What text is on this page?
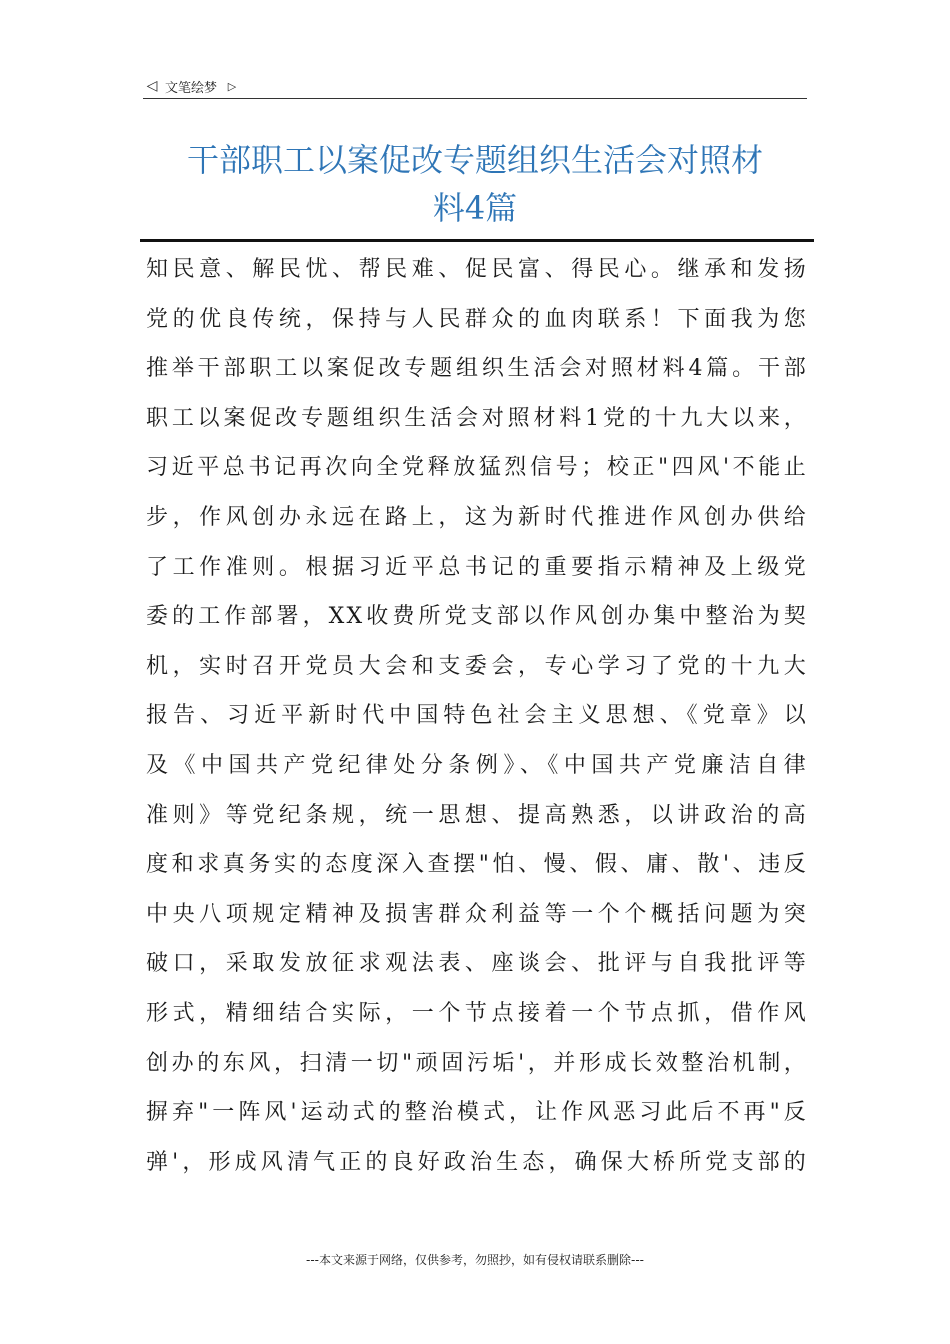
◁ 文笔绘梦 ▷
干部职工以案促改专题组织生活会对照材
料4篇
知民意、解民忧、帮民难、促民富、得民心。继承和发扬
党的优良传统，保持与人民群众的血肉联系！下面我为您
推举干部职工以案促改专题组织生活会对照材料4篇。干部
职工以案促改专题组织生活会对照材料1党的十九大以来，
习近平总书记再次向全党释放猛烈信号；校正"四风'不能止
步，作风创办永远在路上，这为新时代推进作风创办供给
了工作准则。根据习近平总书记的重要指示精神及上级党
委的工作部署，XX收费所党支部以作风创办集中整治为契
机，实时召开党员大会和支委会，专心学习了党的十九大
报告、习近平新时代中国特色社会主义思想、《党章》以
及《中国共产党纪律处分条例》、《中国共产党廉洁自律
准则》等党纪条规，统一思想、提高熟悉，以讲政治的高
度和求真务实的态度深入查摆"怕、慢、假、庸、散'、违反
中央八项规定精神及损害群众利益等一个个概括问题为突
破口，采取发放征求观法表、座谈会、批评与自我批评等
形式，精细结合实际，一个节点接着一个节点抓，借作风
创办的东风，扫清一切"顽固污垢'，并形成长效整治机制，
摒弃"一阵风'运动式的整治模式，让作风恶习此后不再"反
弹'，形成风清气正的良好政治生态，确保大桥所党支部的
---本文来源于网络，仅供参考，勿照抄，如有侵权请联系删除---
